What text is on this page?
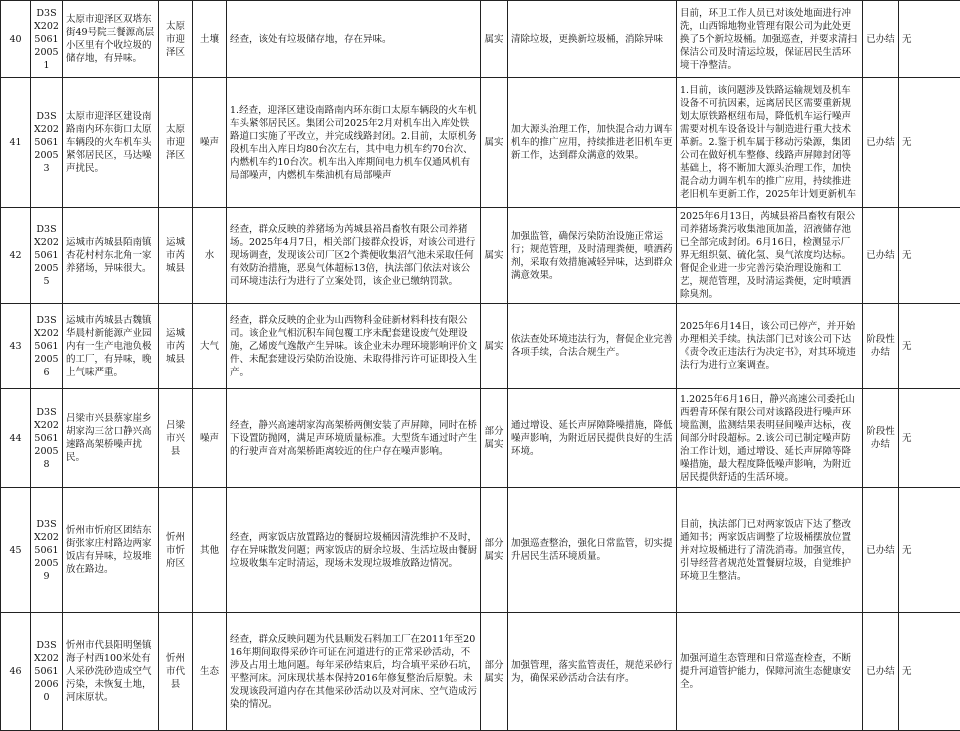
40	D3SX202506120051	太原市迎泽区双塔东街49号院三餐源高层小区里有个收垃圾的储存地，有异味。	太原市迎泽区	土壤	经查，该处有垃圾储存地，存在异味。	属实	清除垃圾，更换新垃圾桶，消除异味	目前，环卫工作人员已对该处地面进行冲洗，山西锦地物业管理有限公司为此处更换了5个新垃圾桶。加强巡查，并要求清扫保洁公司及时清运垃圾，保证居民生活环境干净整洁。	已办结	无
41	D3SX202506120053	太原市迎泽区建设南路南内环东街口太原车辆段的火车机车头紧邻居民区，马达噪声扰民。	太原市迎泽区	噪声	1.经查，迎泽区建设南路南内环东街口太原车辆段的火车机车头紧邻居民区。集团公司2025年2月对机车出入库处铁路道口实施了平改立，并完成线路封闭。2.目前，太原机务段机车出入库日均80台次左右，其中电力机车约70台次、内燃机车约10台次。机车出入库期间电力机车仅通风机有局部噪声，内燃机车柴油机有局部噪声	属实	加大源头治理工作，加快混合动力调车机车的推广应用，持续推进老旧机车更新工作，达到群众满意的效果。	1.目前，该问题涉及铁路运输规划及机车设备不可抗因素，远离居民区需要重新规划太原铁路枢纽布局，降低机车运行噪声需要对机车设备设计与制造进行重大技术革新。2.鉴于机车属于移动污染源，集团公司在做好机车整修、线路声屏障封闭等基础上，将不断加大源头治理工作，加快混合动力调车机车的推广应用，持续推进老旧机车更新工作，2025年计划更新机车	已办结	无
42	D3SX202506120055	运城市芮城县陌南镇杏花村村东北角一家养猪场，异味很大。	运城市芮城县	水	经查，群众反映的养猪场为芮城县裕昌畜牧有限公司养猪场。2025年4月7日，相关部门接群众投诉，对该公司进行现场调查，发现该公司厂区2个粪便收集沼气池未采取任何有效防治措施，恶臭气体超标13倍，执法部门依法对该公司环境违法行为进行了立案处罚，该企业已缴纳罚款。	属实	加强监管，确保污染防治设施正常运行；规范管理，及时清理粪便，喷洒药剂，采取有效措施减轻异味，达到群众满意效果。	2025年6月13日，芮城县裕昌畜牧有限公司养猪场粪污收集池顶加盖，沼液储存池已全部完成封闭。6月16日，检测显示厂界无组织氨、硫化氢、臭气浓度均达标。督促企业进一步完善污染治理设施和工艺，规范管理，及时清运粪便，定时喷洒除臭剂。	已办结	无
43	D3SX202506120056	运城市芮城县古魏镇华晨村新能源产业园内有一生产电池负极的工厂，有异味，晚上气味严重。	运城市芮城县	大气	经查，群众反映的企业为山西物科金硅新材料科技有限公司。该企业气相沉积车间包覆工序未配套建设废气处理设施，乙烯废气逸散产生异味。该企业未办理环境影响评价文件、未配套建设污染防治设施、未取得排污许可证即投入生产。	属实	依法查处环境违法行为，督促企业完善各项手续，合法合规生产。	2025年6月14日，该公司已停产，并开始办理相关手续。执法部门已对该公司下达《责令改正违法行为决定书》，对其环境违法行为进行立案调查。	阶段性办结	无
44	D3SX202506120058	吕梁市兴县蔡家崖乡胡家沟三岔口静兴高速路高架桥噪声扰民。	吕梁市兴县	噪声	经查，静兴高速胡家沟高架桥两侧安装了声屏障，同时在桥下设置防抛网，满足声环境质量标准。大型货车通过时产生的行驶声音对高架桥距离较近的住户存在噪声影响。	部分属实	通过增设、延长声屏障降噪措施，降低噪声影响，为附近居民提供良好的生活环境。	1.2025年6月16日，静兴高速公司委托山西碧青环保有限公司对该路段进行噪声环境监测，监测结果表明昼间噪声达标，夜间部分时段超标。2.该公司已制定噪声防治工作计划，通过增设、延长声屏障等降噪措施，最大程度降低噪声影响，为附近居民提供舒适的生活环境。	阶段性办结	无
45	D3SX202506120059	忻州市忻府区团结东街张家庄村路边两家饭店有异味，垃圾堆放在路边。	忻州市忻府区	其他	经查，两家饭店放置路边的餐厨垃圾桶因清洗维护不及时，存在异味散发问题；两家饭店的厨余垃圾、生活垃圾由餐厨垃圾收集车定时清运，现场未发现垃圾堆放路边情况。	部分属实	加强巡查整治，强化日常监管，切实提升居民生活环境质量。	目前，执法部门已对两家饭店下达了整改通知书；两家饭店调整了垃圾桶摆放位置并对垃圾桶进行了清洗消毒。加强宣传，引导经营者规范处置餐厨垃圾，自觉维护环境卫生整洁。	已办结	无
46	D3SX202506120060	忻州市代县阳明堡镇海子村西100米处有人采砂洗砂造成空气污染，未恢复土地，河床原状。	忻州市代县	生态	经查，群众反映问题为代县顺发石料加工厂在2011年至2016年期间取得采砂许可证在河道进行的正常采砂活动，不涉及占用土地问题。每年采砂结束后，均合填平采砂石坑，平整河床。河床现状基本保持2016年修复整治后原貌。未发现该段河道内存在其他采砂活动以及对河床、空气造成污染的情况。	部分属实	加强管理，落实监管责任，规范采砂行为，确保采砂活动合法有序。	加强河道生态管理和日常巡查检查，不断提升河道管护能力，保障河流生态健康安全。	已办结	无
